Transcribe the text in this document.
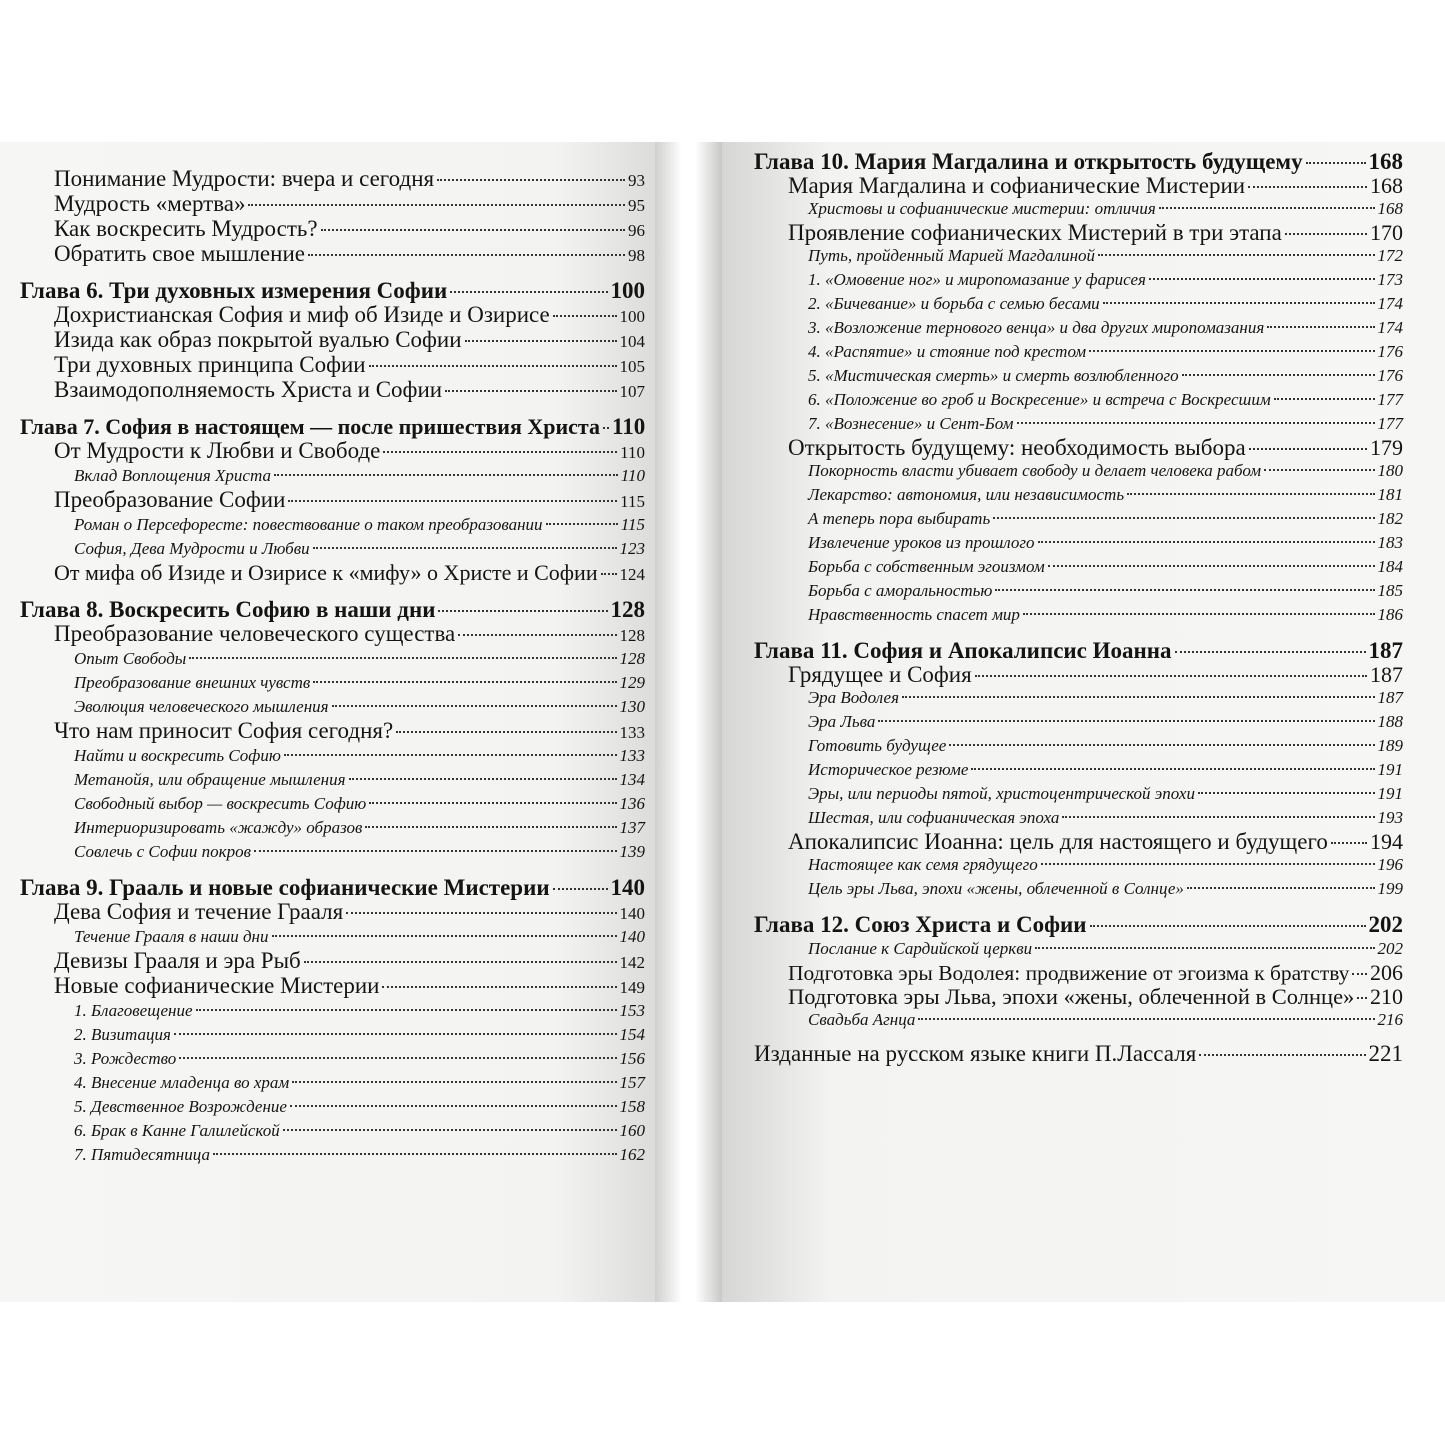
Понимание Мудрости: вчера и сегодня	93
Мудрость «мертва»	95
Как воскресить Мудрость?	96
Обратить свое мышление	98
Глава 6. Три духовных измерения Софии	100
Дохристианская София и миф об Изиде и Озирисе	100
Изида как образ покрытой вуалью Софии	104
Три духовных принципа Софии	105
Взаимодополняемость Христа и Софии	107
Глава 7. София в настоящем — после пришествия Христа 110
От Мудрости к Любви и Свободе	110
Вклад Воплощения Христа	110
Преобразование Софии	115
Роман о Персефоресте: повествование о таком преобразовании	115
София, Дева Мудрости и Любви	123
От мифа об Изиде и Озирисе к «мифу» о Христе и Софии 124
Глава 8. Воскресить Софию в наши дни	128
Преобразование человеческого существа	128
Опыт Свободы	128
Преобразование внешних чувств	129
Эволюция человеческого мышления	130
Что нам приносит София сегодня?	133
Найти и воскресить Софию	133
Метанойя, или обращение мышления	134
Свободный выбор — воскресить Софию	136
Интериоризировать «жажду» образов	137
Совлечь с Софии покров	139
Глава 9. Грааль и новые софианические Мистерии	140
Дева София и течение Грааля	140
Течение Грааля в наши дни	140
Девизы Грааля и эра Рыб	142
Новые софианические Мистерии	149
1. Благовещение	153
2. Визитация	154
3. Рождество	156
4. Внесение младенца во храм	157
5. Девственное Возрождение	158
6. Брак в Канне Галилейской	160
7. Пятидесятница	162
Глава 10. Мария Магдалина и открытость будущему	168
Мария Магдалина и софианические Мистерии	168
Христовы и софианические мистерии: отличия	168
Проявление софианических Мистерий в три этапа	170
Путь, пройденный Марией Магдалиной	172
1. «Омовение ног» и миропомазание у фарисея	173
2. «Бичевание» и борьба с семью бесами	174
3. «Возложение тернового венца» и два других миропомазания	174
4. «Распятие» и стояние под крестом	176
5. «Мистическая смерть» и смерть возлюбленного	176
6. «Положение во гроб и Воскресение» и встреча с Воскресшим	177
7. «Вознесение» и Сент-Бом	177
Открытость будущему: необходимость выбора	179
Покорность власти убивает свободу и делает человека рабом	180
Лекарство: автономия, или независимость	181
А теперь пора выбирать	182
Извлечение уроков из прошлого	183
Борьба с собственным эгоизмом	184
Борьба с аморальностью	185
Нравственность спасет мир	186
Глава 11. София и Апокалипсис Иоанна	187
Грядущее и София	187
Эра Водолея	187
Эра Льва	188
Готовить будущее	189
Историческое резюме	191
Эры, или периоды пятой, христоцентрической эпохи	191
Шестая, или софианическая эпоха	193
Апокалипсис Иоанна: цель для настоящего и будущего 194
Настоящее как семя грядущего	196
Цель эры Льва, эпохи «жены, облеченной в Солнце»	199
Глава 12. Союз Христа и Софии	202
Послание к Сардийской церкви	202
Подготовка эры Водолея: продвижение от эгоизма к братству 206
Подготовка эры Льва, эпохи «жены, облеченной в Солнце» 210
Свадьба Агнца	216
Изданные на русском языке книги П.Лассаля	221
